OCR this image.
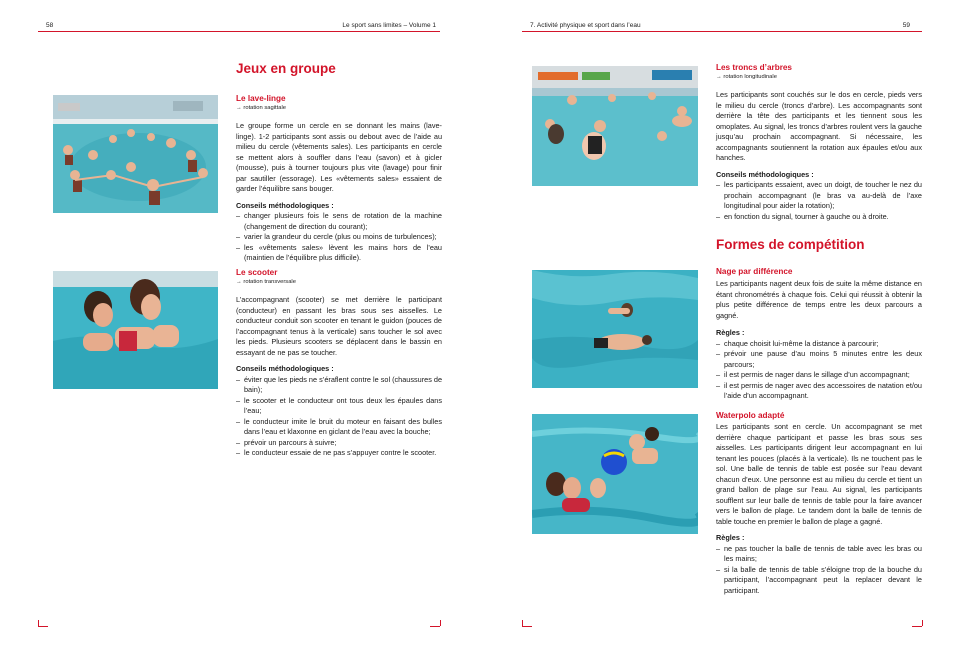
58	Le sport sans limites – Volume 1
Jeux en groupe
Le lave-linge
→ rotation sagittale

Le groupe forme un cercle en se donnant les mains (lave-linge). 1-2 participants sont assis ou debout avec de l’aide au milieu du cercle (vêtements sales). Les participants en cercle se mettent alors à souffler dans l’eau (savon) et à gicler (mousse), puis à tourner toujours plus vite (lavage) pour finir par sautiller (essorage). Les «vêtements sales» essaient de garder l’équilibre sans bouger.

Conseils méthodologiques :

– changer plusieurs fois le sens de rotation de la machine (changement de direction du courant);
– varier la grandeur du cercle (plus ou moins de turbulences);
– les «vêtements sales» lèvent les mains hors de l’eau (maintien de l’équilibre plus difficile).
Le scooter
→ rotation transversale

L’accompagnant (scooter) se met derrière le participant (conducteur) en passant les bras sous ses aisselles. Le conducteur conduit son scooter en tenant le guidon (pouces de l’accompagnant tenus à la verticale) sans toucher le sol avec les pieds. Plusieurs scooters se déplacent dans le bassin en essayant de ne pas se toucher.

Conseils méthodologiques :

– éviter que les pieds ne s’éraflent contre le sol (chaussures de bain);
– le scooter et le conducteur ont tous deux les épaules dans l’eau;
– le conducteur imite le bruit du moteur en faisant des bulles dans l’eau et klaxonne en giclant de l’eau avec la bouche;
– prévoir un parcours à suivre;
– le conducteur essaie de ne pas s’appuyer contre le scooter.
7. Activité physique et sport dans l’eau	59
Les troncs d’arbres
→ rotation longitudinale

Les participants sont couchés sur le dos en cercle, pieds vers le milieu du cercle (troncs d’arbre). Les accompagnants sont derrière la tête des participants et les tiennent sous les omoplates. Au signal, les troncs d’arbres roulent vers la gauche jusqu’au prochain accompagnant. Si nécessaire, les accompagnants soutiennent la rotation aux épaules et/ou aux hanches.

Conseils méthodologiques :

– les participants essaient, avec un doigt, de toucher le nez du prochain accompagnant (le bras va au-delà de l’axe longitudinal pour aider la rotation);
– en fonction du signal, tourner à gauche ou à droite.
Formes de compétition
Nage par différence

Les participants nagent deux fois de suite la même distance en étant chronométrés à chaque fois. Celui qui réussit à obtenir la plus petite différence de temps entre les deux parcours a gagné.

Règles :

– chaque choisit lui-même la distance à parcourir;
– prévoir une pause d’au moins 5 minutes entre les deux parcours;
– il est permis de nager dans le sillage d’un accompagnant;
– il est permis de nager avec des accessoires de natation et/ou l’aide d’un accompagnant.
Waterpolo adapté

Les participants sont en cercle. Un accompagnant se met derrière chaque participant et passe les bras sous ses aisselles. Les participants dirigent leur accompagnant en lui tenant les pouces (placés à la verticale). Ils ne touchent pas le sol. Une balle de tennis de table est posée sur l’eau devant chacun d’eux. Une personne est au milieu du cercle et tient un grand ballon de plage sur l’eau. Au signal, les participants soufflent sur leur balle de tennis de table pour la faire avancer vers le ballon de plage. Le tandem dont la balle de tennis de table touche en premier le ballon de plage a gagné.

Règles :

– ne pas toucher la balle de tennis de table avec les bras ou les mains;
– si la balle de tennis de table s’éloigne trop de la bouche du participant, l’accompagnant peut la replacer devant le participant.
